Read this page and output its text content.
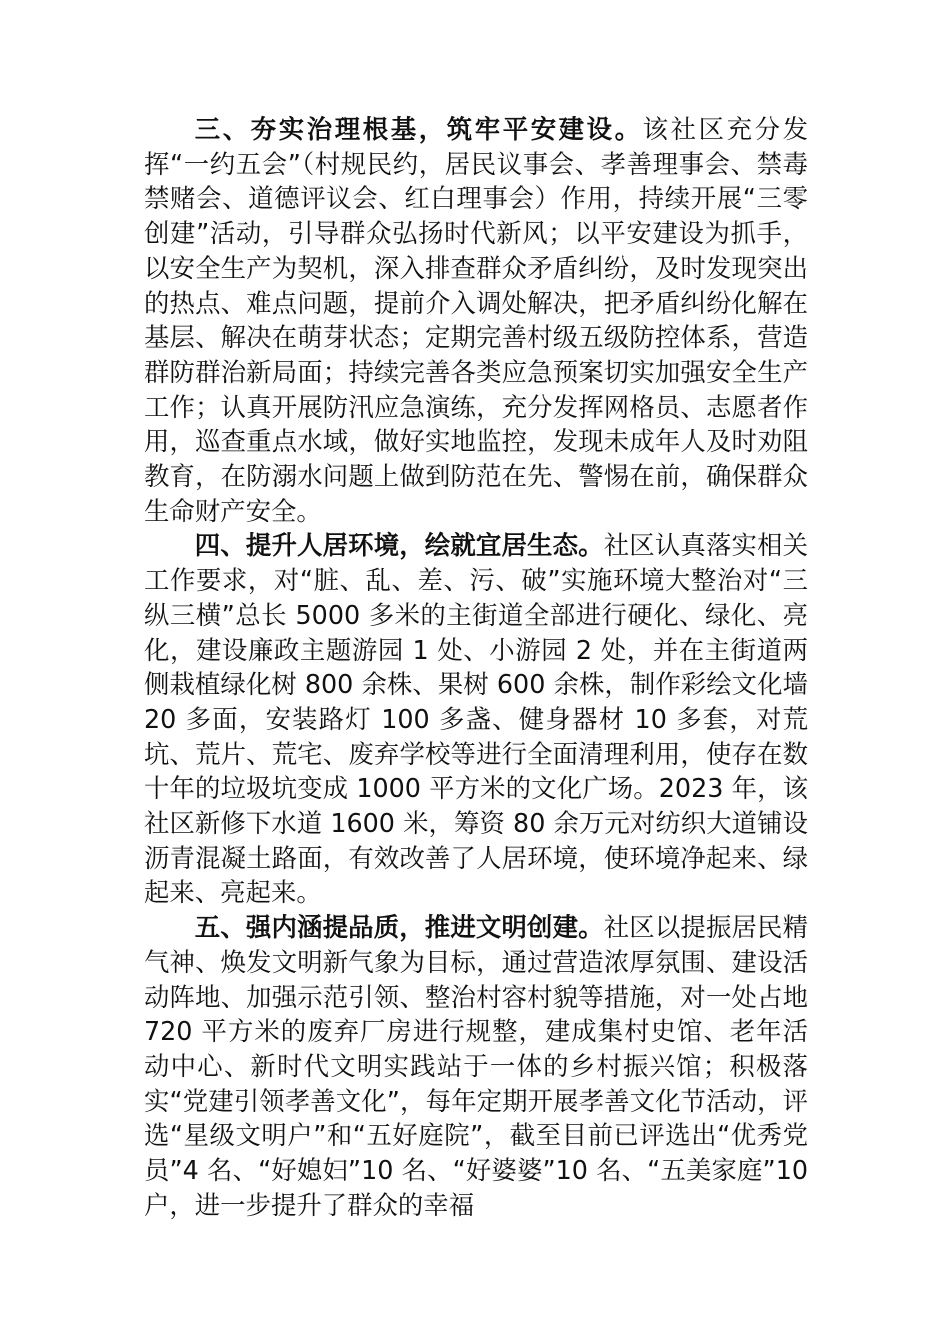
三、夯实治理根基，筑牢平安建设。该社区充分发挥“一约五会”（村规民约，居民议事会、孝善理事会、禁毒禁赌会、道德评议会、红白理事会）作用，持续开展“三零创建”活动，引导群众弘扬时代新风；以平安建设为抓手，以安全生产为契机，深入排查群众矛盾纠纷，及时发现突出的热点、难点问题，提前介入调处解决，把矛盾纠纷化解在基层、解决在萌芽状态；定期完善村级五级防控体系，营造群防群治新局面；持续完善各类应急预案切实加强安全生产工作；认真开展防汛应急演练，充分发挥网格员、志愿者作用，巡查重点水域，做好实地监控，发现未成年人及时劝阻教育，在防溺水问题上做到防范在先、警惕在前，确保群众生命财产安全。

四、提升人居环境，绘就宜居生态。社区认真落实相关工作要求，对“脏、乱、差、污、破”实施环境大整治对“三纵三横”总长 5000 多米的主街道全部进行硬化、绿化、亮化，建设廉政主题游园 1 处、小游园 2 处，并在主街道两侧栽植绿化树 800 余株、果树 600 余株，制作彩绘文化墙 20 多面，安装路灯 100 多盏、健身器材 10 多套，对荒坑、荒片、荒宅、废弃学校等进行全面清理利用，使存在数十年的垃圾坑变成 1000 平方米的文化广场。2023 年，该社区新修下水道 1600 米，筹资 80 余万元对纺织大道铺设沥青混凝土路面，有效改善了人居环境，使环境净起来、绿起来、亮起来。

五、强内涵提品质，推进文明创建。社区以提振居民精气神、焕发文明新气象为目标，通过营造浓厚氛围、建设活动阵地、加强示范引领、整治村容村貌等措施，对一处占地 720 平方米的废弃厂房进行规整，建成集村史馆、老年活动中心、新时代文明实践站于一体的乡村振兴馆；积极落实“党建引领孝善文化”，每年定期开展孝善文化节活动，评选“星级文明户”和“五好庭院”，截至目前已评选出“优秀党员”4 名、“好媳妇”10 名、“好婆婆”10 名、“五美家庭”10 户，进一步提升了群众的幸福
